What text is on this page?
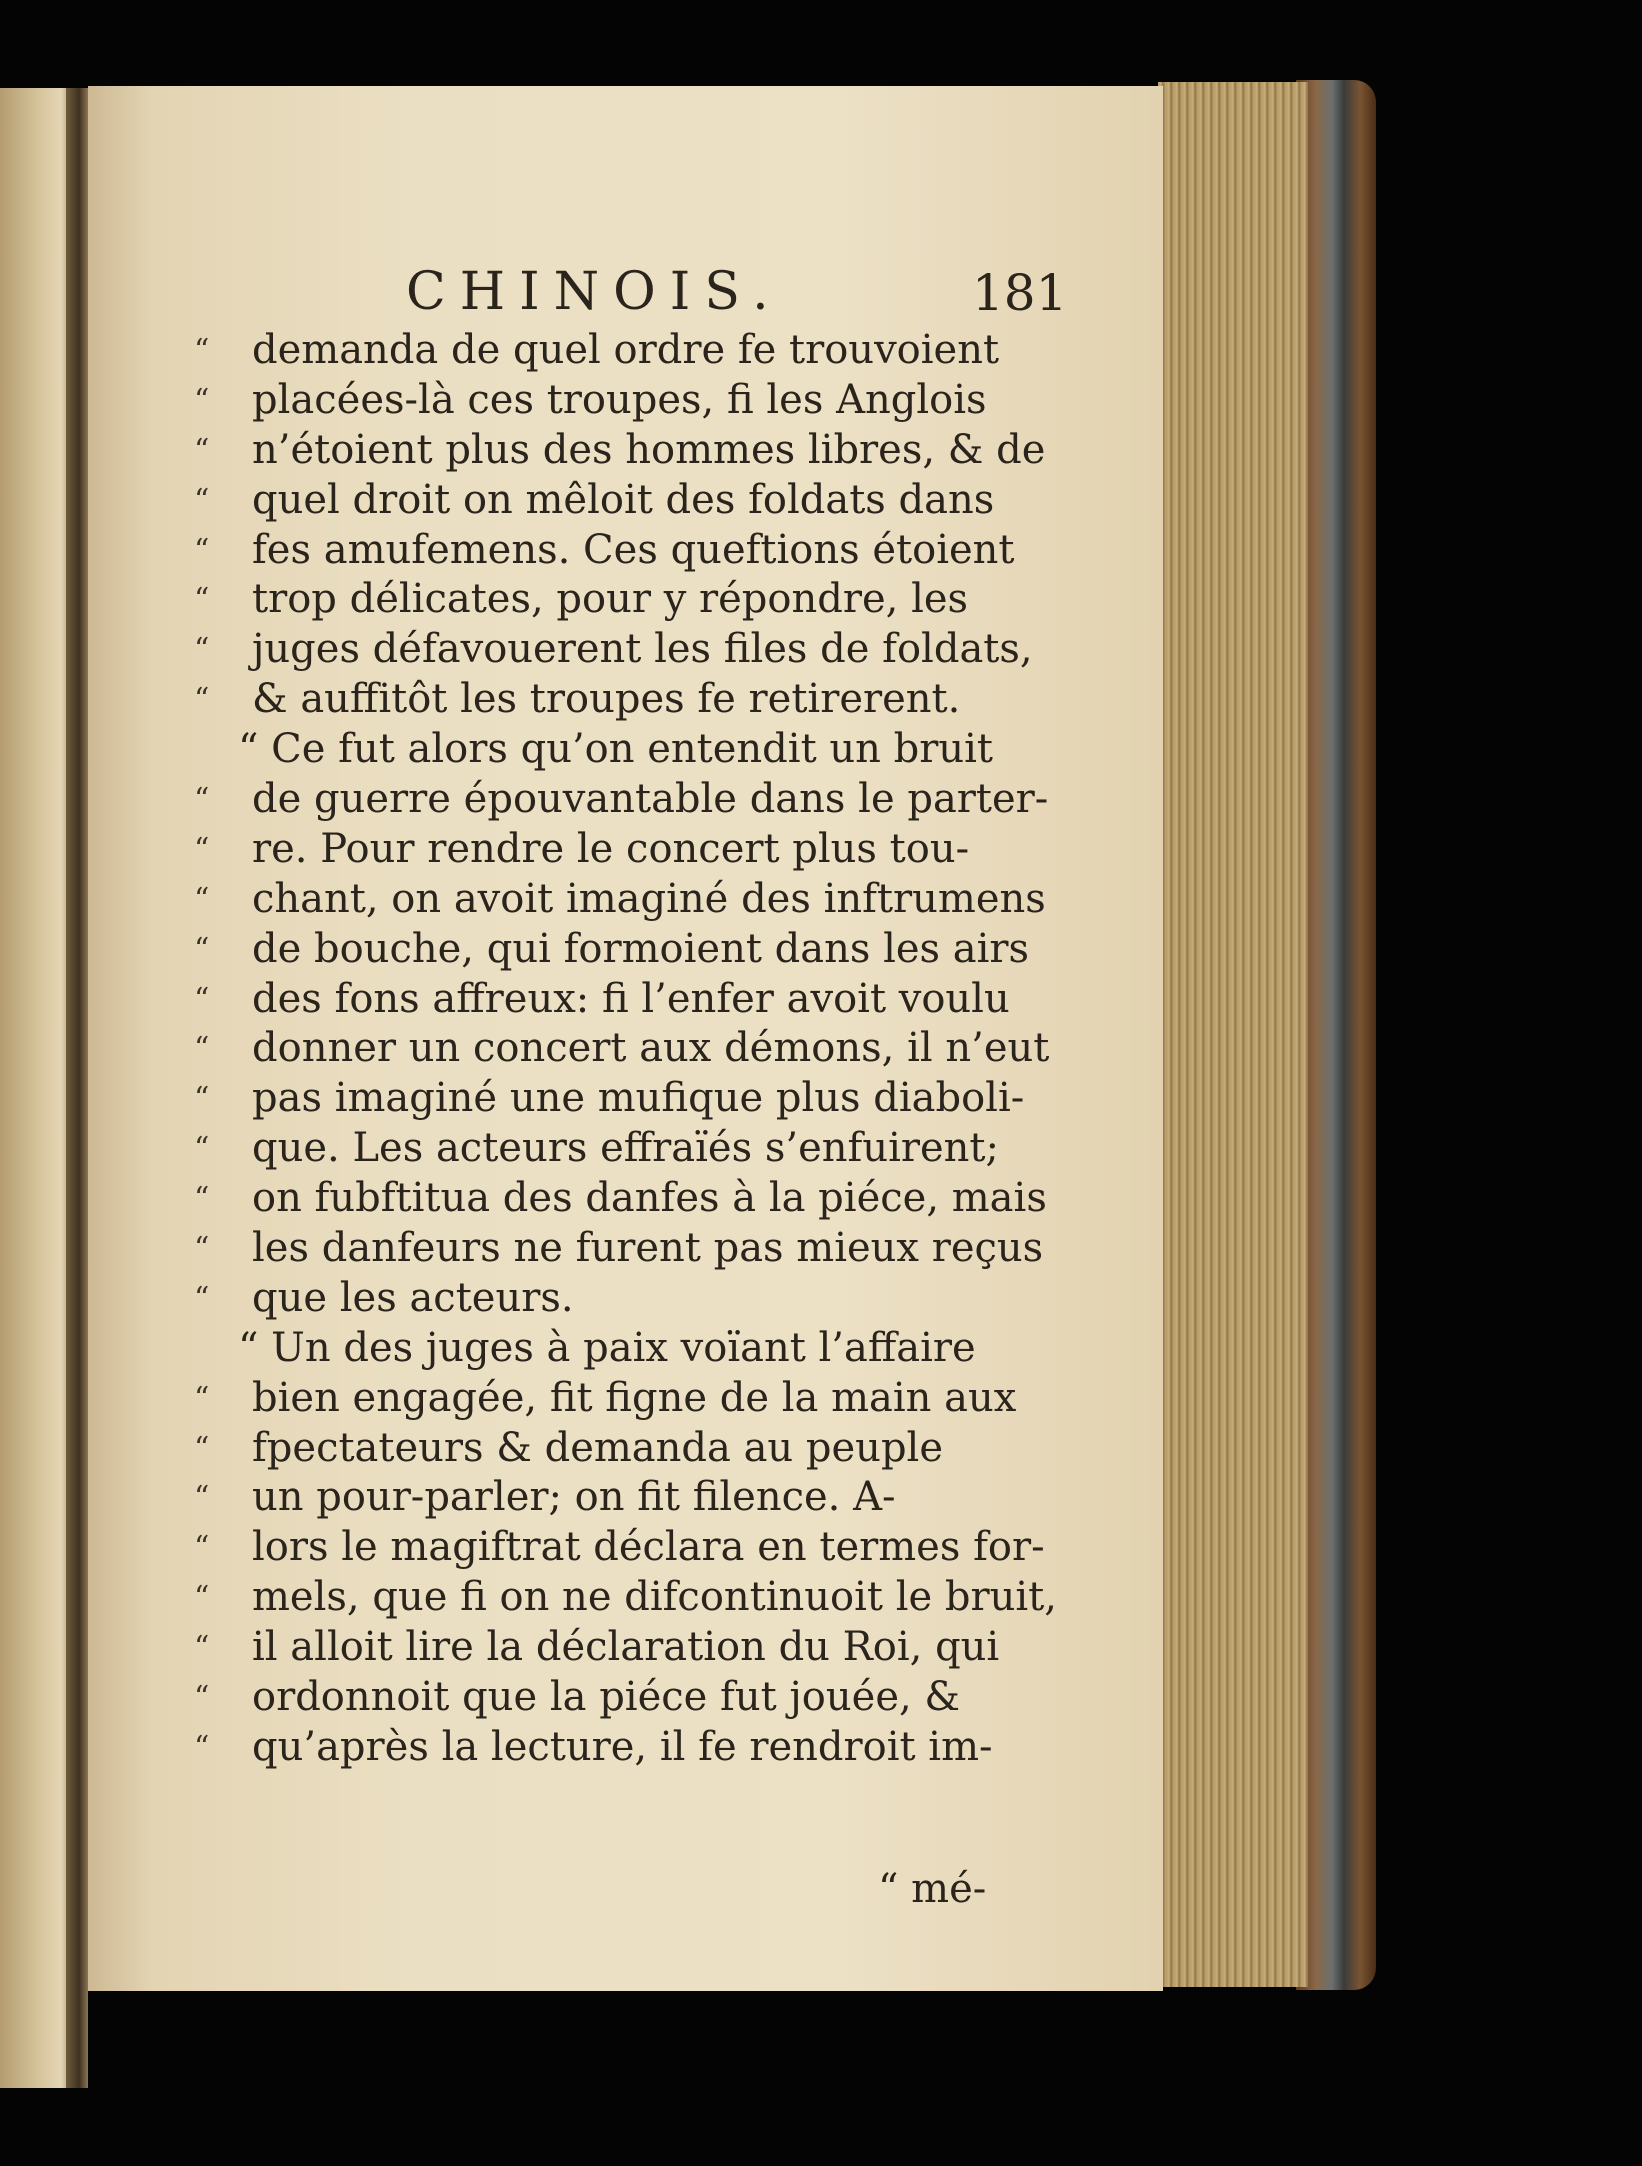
CHINOIS.	181
“	demanda de quel ordre fe trouvoient
“	placées-là ces troupes, fi les Anglois
“	n’étoient plus des hommes libres, & de
“	quel droit on mêloit des foldats dans
“	fes amufemens. Ces queftions étoient
“	trop délicates, pour y répondre, les
“	juges défavouerent les files de foldats,
“	& auffitôt les troupes fe retirerent.
“ Ce fut alors qu’on entendit un bruit
“	de guerre épouvantable dans le parter-
“	re. Pour rendre le concert plus tou-
“	chant, on avoit imaginé des inftrumens
“	de bouche, qui formoient dans les airs
“	des fons affreux: fi l’enfer avoit voulu
“	donner un concert aux démons, il n’eut
“	pas imaginé une mufique plus diaboli-
“	que. Les acteurs effraïés s’enfuirent;
“	on fubftitua des danfes à la piéce, mais
“	les danfeurs ne furent pas mieux reçus
“	que les acteurs.
“ Un des juges à paix voïant l’affaire
“	bien engagée, fit figne de la main aux
“	fpectateurs & demanda au peuple
“	un pour-parler; on fit filence. A-
“	lors le magiftrat déclara en termes for-
“	mels, que fi on ne difcontinuoit le bruit,
“	il alloit lire la déclaration du Roi, qui
“	ordonnoit que la piéce fut jouée, &
“	qu’après la lecture, il fe rendroit im-
“ mé-
